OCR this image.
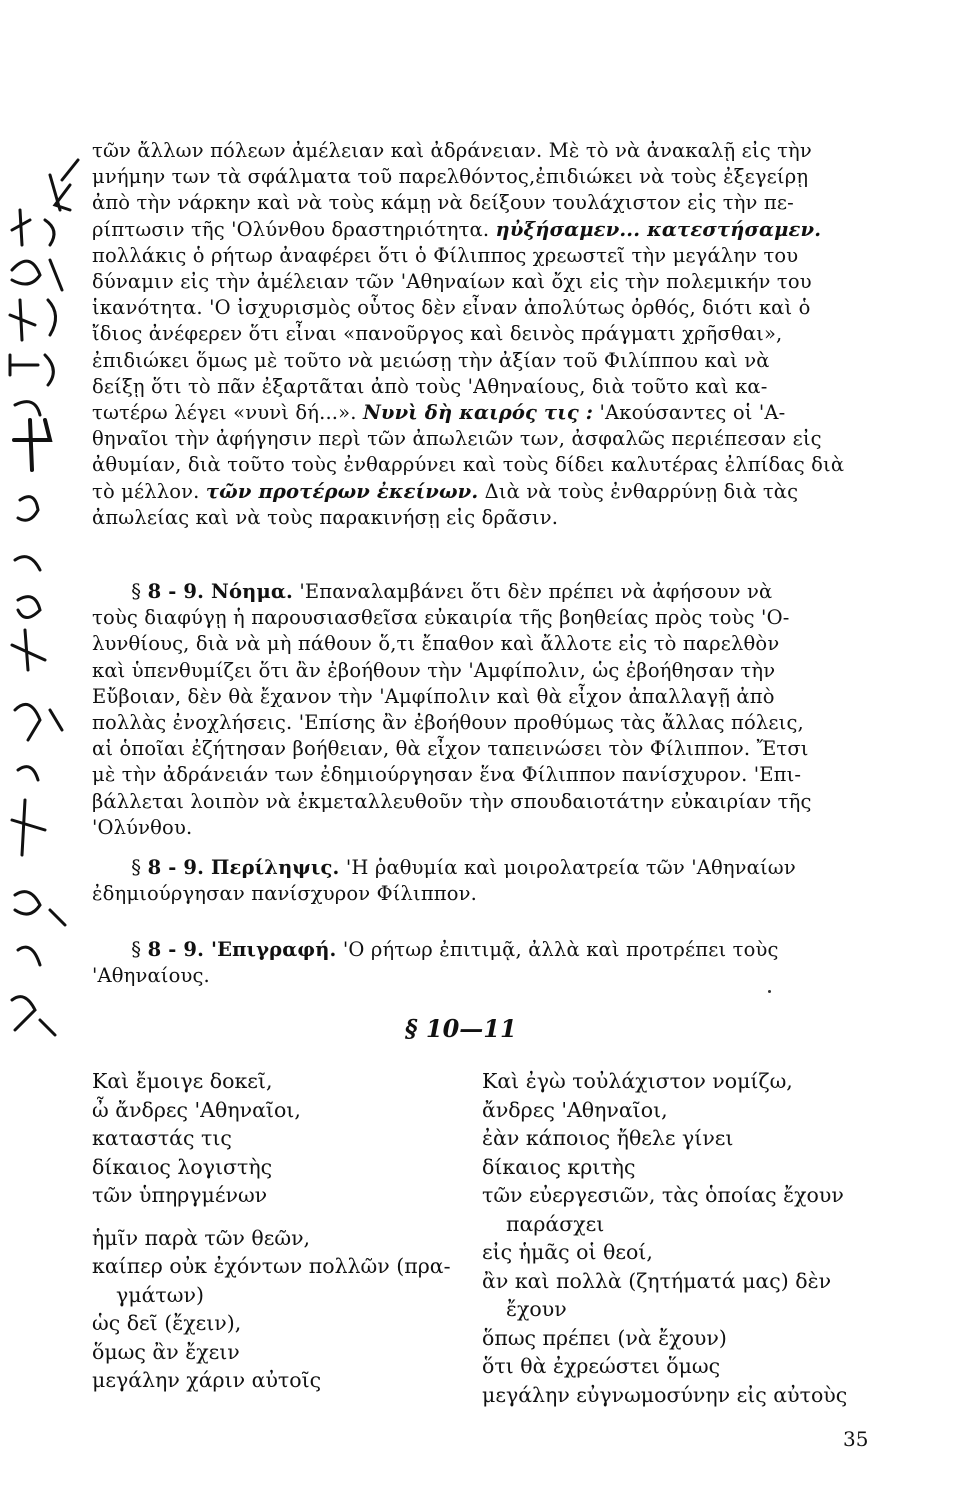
τῶν ἄλλων πόλεων ἀμέλειαν καὶ ἀδράνειαν. Μὲ τὸ νὰ ἀνακαλῇ εἰς τὴν
μνήμην των τὰ σφάλματα τοῦ παρελθόντος,ἐπιδιώκει νὰ τοὺς ἐξεγείρῃ
ἀπὸ τὴν νάρκην καὶ νὰ τοὺς κάμῃ νὰ δείξουν τουλάχιστον εἰς τὴν πε-
ρίπτωσιν τῆς 'Ολύνθου δραστηριότητα. ηὐξήσαμεν... κατεστήσαμεν.
πολλάκις ὁ ρήτωρ ἀναφέρει ὅτι ὁ Φίλιππος χρεωστεῖ τὴν μεγάλην του
δύναμιν εἰς τὴν ἀμέλειαν τῶν 'Αθηναίων καὶ ὄχι εἰς τὴν πολεμικήν του
ἱκανότητα. 'Ο ἰσχυρισμὸς οὗτος δὲν εἶναν ἀπολύτως ὀρθός, διότι καὶ ὁ
ἴδιος ἀνέφερεν ὅτι εἶναι «πανοῦργος καὶ δεινὸς πράγματι χρῆσθαι»,
ἐπιδιώκει ὅμως μὲ τοῦτο νὰ μειώσῃ τὴν ἀξίαν τοῦ Φιλίππου καὶ νὰ
δείξῃ ὅτι τὸ πᾶν ἐξαρτᾶται ἀπὸ τοὺς 'Αθηναίους, διὰ τοῦτο καὶ κα-
τωτέρω λέγει «νυνὶ δή...». Νυνὶ δὴ καιρός τις : 'Ακούσαντες οἱ 'Α-
θηναῖοι τὴν ἀφήγησιν περὶ τῶν ἀπωλειῶν των, ἀσφαλῶς περιέπεσαν εἰς
ἀθυμίαν, διὰ τοῦτο τοὺς ἐνθαρρύνει καὶ τοὺς δίδει καλυτέρας ἐλπίδας διὰ
τὸ μέλλον. τῶν προτέρων ἐκείνων. Διὰ νὰ τοὺς ἐνθαρρύνῃ διὰ τὰς
ἀπωλείας καὶ νὰ τοὺς παρακινήσῃ εἰς δρᾶσιν.
  § 8 - 9. Νόημα. 'Επαναλαμβάνει ὅτι δὲν πρέπει νὰ ἀφήσουν νὰ
τοὺς διαφύγῃ ἡ παρουσιασθεῖσα εὐκαιρία τῆς βοηθείας πρὸς τοὺς 'Ο-
λυνθίους, διὰ νὰ μὴ πάθουν ὅ,τι ἔπαθον καὶ ἄλλοτε εἰς τὸ παρελθὸν
καὶ ὑπενθυμίζει ὅτι ἂν ἐβοήθουν τὴν 'Αμφίπολιν, ὡς ἐβοήθησαν τὴν
Εὔβοιαν, δὲν θὰ ἔχανον τὴν 'Αμφίπολιν καὶ θὰ εἶχον ἀπαλλαγῇ ἀπὸ
πολλὰς ἐνοχλήσεις. 'Επίσης ἂν ἐβοήθουν προθύμως τὰς ἄλλας πόλεις,
αἱ ὁποῖαι ἐζήτησαν βοήθειαν, θὰ εἶχον ταπεινώσει τὸν Φίλιππον. Ἔτσι
μὲ τὴν ἀδράνειάν των ἐδημιούργησαν ἕνα Φίλιππον πανίσχυρον. 'Επι-
βάλλεται λοιπὸν νὰ ἐκμεταλλευθοῦν τὴν σπουδαιοτάτην εὐκαιρίαν τῆς
'Ολύνθου.
  § 8 - 9. Περίληψις. 'Η ῥαθυμία καὶ μοιρολατρεία τῶν 'Αθηναίων
ἐδημιούργησαν πανίσχυρον Φίλιππον.
  § 8 - 9. 'Επιγραφή. 'Ο ρήτωρ ἐπιτιμᾷ, ἀλλὰ καὶ προτρέπει τοὺς
'Αθηναίους.
§ 10—11
Καὶ ἔμοιγε δοκεῖ,
ὦ ἄνδρες 'Αθηναῖοι,
καταστάς τις
δίκαιος λογιστὴς
τῶν ὑπηργμένων
ἡμῖν παρὰ τῶν θεῶν,
καίπερ οὐκ ἐχόντων πολλῶν (πρα-
γμάτων)
ὡς δεῖ (ἔχειν),
ὅμως ἂν ἔχειν
μεγάλην χάριν αὐτοῖς
Καὶ ἐγὼ τοὐλάχιστον νομίζω,
ἄνδρες 'Αθηναῖοι,
ἐὰν κάποιος ἤθελε γίνει
δίκαιος κριτὴς
τῶν εὐεργεσιῶν, τὰς ὁποίας ἔχουν
παράσχει
εἰς ἡμᾶς οἱ θεοί,
ἂν καὶ πολλὰ (ζητήματά μας) δὲν
ἔχουν
ὅπως πρέπει (νὰ ἔχουν)
ὅτι θὰ ἐχρεώστει ὅμως
μεγάλην εὐγνωμοσύνην εἰς αὐτοὺς
35
